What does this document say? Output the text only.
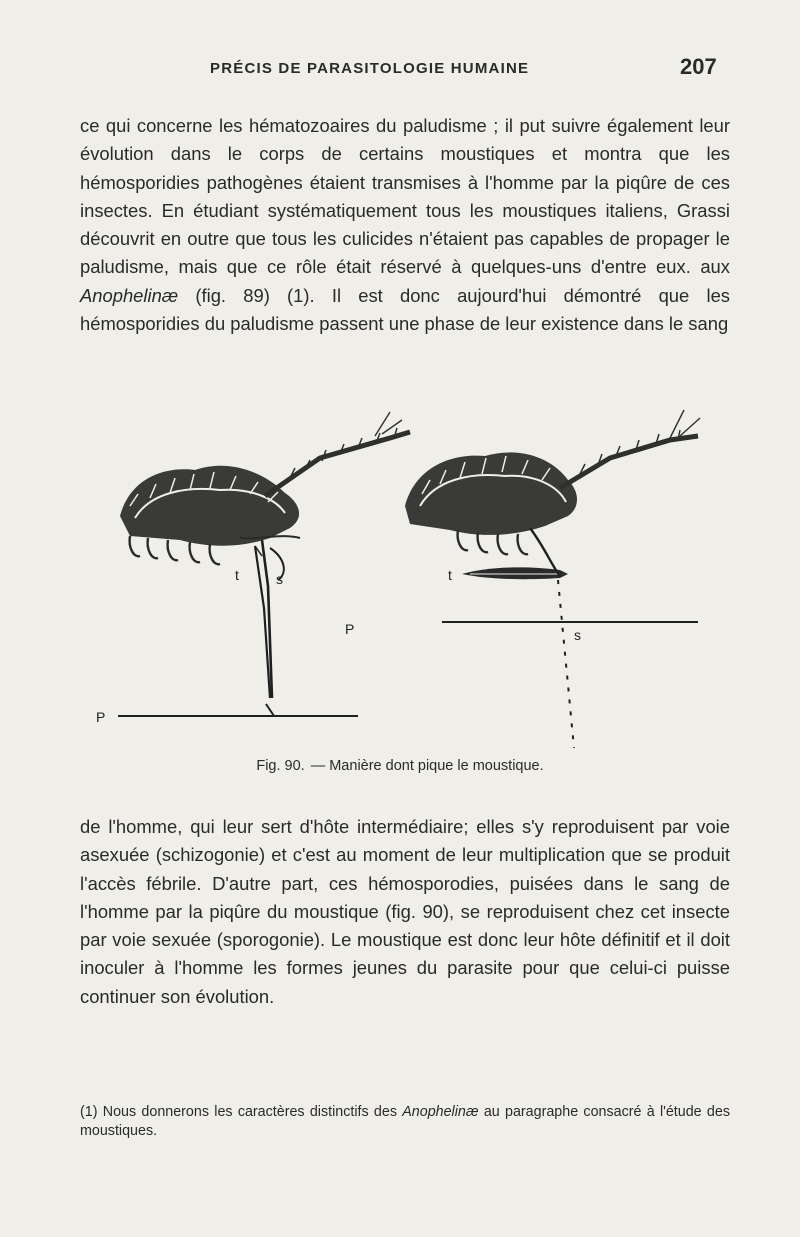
PRÉCIS DE PARASITOLOGIE HUMAINE	207

ce qui concerne les hématozoaires du paludisme ; il put suivre également leur évolution dans le corps de certains moustiques et montra que les hémosporidies pathogènes étaient transmises à l'homme par la piqûre de ces insectes. En étudiant systématiquement tous les moustiques italiens, Grassi découvrit en outre que tous les culicides n'étaient pas capables de propager le paludisme, mais que ce rôle était réservé à quelques-uns d'entre eux. aux Anophelinæ (fig. 89) (1). Il est donc aujourd'hui démontré que les hémosporidies du paludisme passent une phase de leur existence dans le sang

t	s
P
P
t
s
Fig. 90. — Manière dont pique le moustique.

de l'homme, qui leur sert d'hôte intermédiaire; elles s'y reproduisent par voie asexuée (schizogonie) et c'est au moment de leur multiplication que se produit l'accès fébrile. D'autre part, ces hémosporodies, puisées dans le sang de l'homme par la piqûre du moustique (fig. 90), se reproduisent chez cet insecte par voie sexuée (sporogonie). Le moustique est donc leur hôte définitif et il doit inoculer à l'homme les formes jeunes du parasite pour que celui-ci puisse continuer son évolution.

(1) Nous donnerons les caractères distinctifs des Anophelinæ au paragraphe consacré à l'étude des moustiques.
